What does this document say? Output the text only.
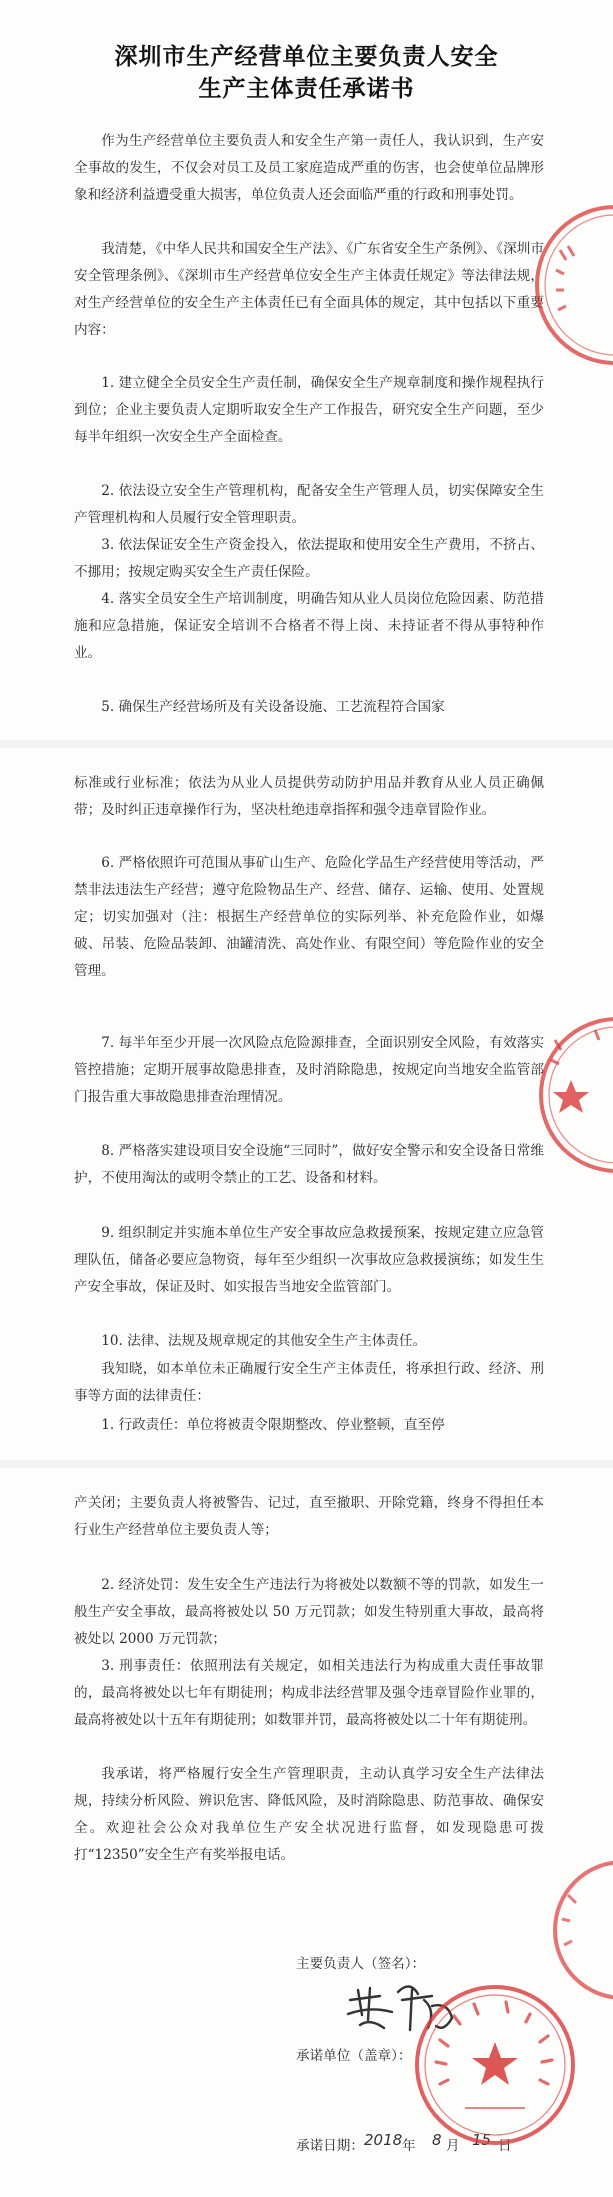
深圳市生产经营单位主要负责人安全
生产主体责任承诺书
作为生产经营单位主要负责人和安全生产第一责任人，我认识到，生产安全事故的发生，不仅会对员工及员工家庭造成严重的伤害，也会使单位品牌形象和经济利益遭受重大损害，单位负责人还会面临严重的行政和刑事处罚。
我清楚，《中华人民共和国安全生产法》、《广东省安全生产条例》、《深圳市安全管理条例》、《深圳市生产经营单位安全生产主体责任规定》等法律法规，对生产经营单位的安全生产主体责任已有全面具体的规定，其中包括以下重要内容：
1. 建立健全全员安全生产责任制，确保安全生产规章制度和操作规程执行到位；企业主要负责人定期听取安全生产工作报告，研究安全生产问题，至少每半年组织一次安全生产全面检查。
2. 依法设立安全生产管理机构，配备安全生产管理人员，切实保障安全生产管理机构和人员履行安全管理职责。
3. 依法保证安全生产资金投入，依法提取和使用安全生产费用，不挤占、不挪用；按规定购买安全生产责任保险。
4. 落实全员安全生产培训制度，明确告知从业人员岗位危险因素、防范措施和应急措施，保证安全培训不合格者不得上岗、未持证者不得从事特种作业。
5. 确保生产经营场所及有关设备设施、工艺流程符合国家
标准或行业标准；依法为从业人员提供劳动防护用品并教育从业人员正确佩带；及时纠正违章操作行为，坚决杜绝违章指挥和强令违章冒险作业。
6. 严格依照许可范围从事矿山生产、危险化学品生产经营使用等活动，严禁非法违法生产经营；遵守危险物品生产、经营、储存、运输、使用、处置规定；切实加强对（注：根据生产经营单位的实际列举、补充危险作业，如爆破、吊装、危险品装卸、油罐清洗、高处作业、有限空间）等危险作业的安全管理。
7. 每半年至少开展一次风险点危险源排查，全面识别安全风险，有效落实管控措施；定期开展事故隐患排查，及时消除隐患，按规定向当地安全监管部门报告重大事故隐患排查治理情况。
8. 严格落实建设项目安全设施“三同时”，做好安全警示和安全设备日常维护，不使用淘汰的或明令禁止的工艺、设备和材料。
9. 组织制定并实施本单位生产安全事故应急救援预案，按规定建立应急管理队伍，储备必要应急物资，每年至少组织一次事故应急救援演练；如发生生产安全事故，保证及时、如实报告当地安全监管部门。
10. 法律、法规及规章规定的其他安全生产主体责任。
我知晓，如本单位未正确履行安全生产主体责任，将承担行政、经济、刑事等方面的法律责任：
1. 行政责任：单位将被责令限期整改、停业整顿，直至停
产关闭；主要负责人将被警告、记过，直至撤职、开除党籍，终身不得担任本行业生产经营单位主要负责人等；
2. 经济处罚：发生安全生产违法行为将被处以数额不等的罚款，如发生一般生产安全事故，最高将被处以 50 万元罚款；如发生特别重大事故，最高将被处以 2000 万元罚款；
3. 刑事责任：依照刑法有关规定，如相关违法行为构成重大责任事故罪的，最高将被处以七年有期徒刑；构成非法经营罪及强令违章冒险作业罪的，最高将被处以十五年有期徒刑；如数罪并罚，最高将被处以二十年有期徒刑。
我承诺，将严格履行安全生产管理职责，主动认真学习安全生产法律法规，持续分析风险、辨识危害、降低风险，及时消除隐患、防范事故、确保安全。欢迎社会公众对我单位生产安全状况进行监督，如发现隐患可拨打“12350”安全生产有奖举报电话。
主要负责人（签名）：
承诺单位（盖章）：
承诺日期： 2018 年 8 月 15 日
